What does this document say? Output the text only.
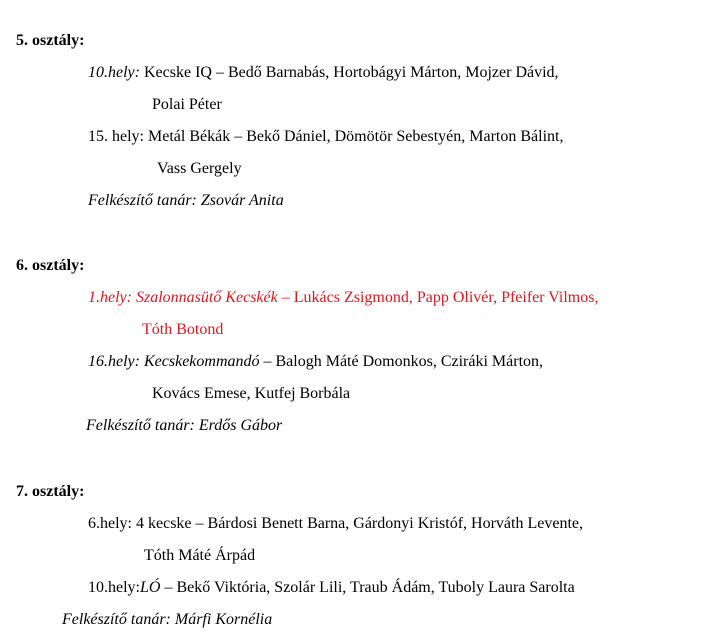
5. osztály:
10.hely: Kecske IQ – Bedő Barnabás, Hortobágyi Márton, Mojzer Dávid,
Polai Péter
15. hely: Metál Békák – Bekő Dániel, Dömötör Sebestyén, Marton Bálint,
Vass Gergely
Felkészítő tanár: Zsovár Anita
6. osztály:
1.hely: Szalonnasütő Kecskék – Lukács Zsigmond, Papp Olivér, Pfeifer Vilmos,
Tóth Botond
16.hely: Kecskekommandó – Balogh Máté Domonkos, Cziráki Márton,
Kovács Emese, Kutfej Borbála
Felkészítő tanár: Erdős Gábor
7. osztály:
6.hely: 4 kecske – Bárdosi Benett Barna, Gárdonyi Kristóf, Horváth Levente,
Tóth Máté Árpád
10.hely:LÓ – Bekő Viktória, Szolár Lili, Traub Ádám, Tuboly Laura Sarolta
Felkészítő tanár: Márfi Kornélia
